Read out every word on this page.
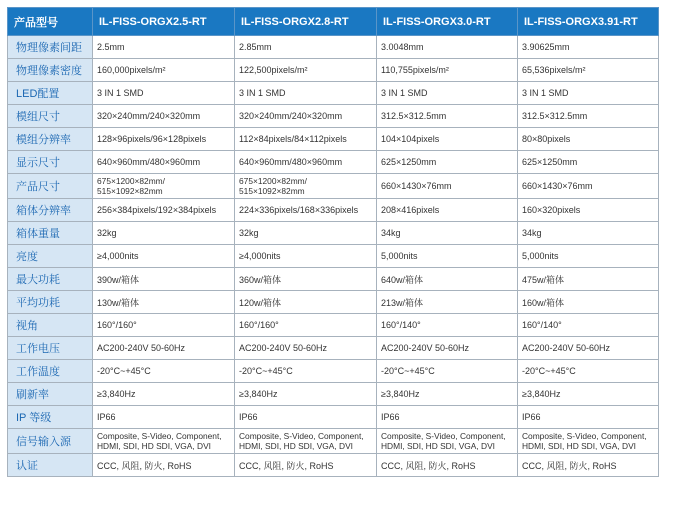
产品型号	IL-FISS-ORGX2.5-RT	IL-FISS-ORGX2.8-RT	IL-FISS-ORGX3.0-RT	IL-FISS-ORGX3.91-RT
物理像素间距	2.5mm	2.85mm	3.0048mm	3.90625mm

物理像素密度	160,000pixels/m²	122,500pixels/m²	110,755pixels/m²	65,536pixels/m²

LED配置	3 IN 1 SMD	3 IN 1 SMD	3 IN 1 SMD	3 IN 1 SMD

模组尺寸	320×240mm/240×320mm	320×240mm/240×320mm	312.5×312.5mm	312.5×312.5mm

模组分辨率	128×96pixels/96×128pixels	112×84pixels/84×112pixels	104×104pixels	80×80pixels

显示尺寸	640×960mm/480×960mm	640×960mm/480×960mm	625×1250mm	625×1250mm

产品尺寸	675×1200×82mm/
515×1092×82mm	675×1200×82mm/
515×1092×82mm	660×1430×76mm	660×1430×76mm

箱体分辨率	256×384pixels/192×384pixels	224×336pixels/168×336pixels	208×416pixels	160×320pixels

箱体重量	32kg	32kg	34kg	34kg

亮度	≥4,000nits	≥4,000nits	5,000nits	5,000nits

最大功耗	390w/箱体	360w/箱体	640w/箱体	475w/箱体

平均功耗	130w/箱体	120w/箱体	213w/箱体	160w/箱体

视角	160°/160°	160°/160°	160°/140°	160°/140°

工作电压	AC200-240V 50-60Hz	AC200-240V 50-60Hz	AC200-240V 50-60Hz	AC200-240V 50-60Hz

工作温度	-20°C~+45°C	-20°C~+45°C	-20°C~+45°C	-20°C~+45°C

刷新率	≥3,840Hz	≥3,840Hz	≥3,840Hz	≥3,840Hz

IP 等级	IP66	IP66	IP66	IP66

信号输入源	Composite, S-Video, Component,
HDMI, SDI, HD SDI, VGA, DVI	Composite, S-Video, Component,
HDMI, SDI, HD SDI, VGA, DVI	Composite, S-Video, Component,
HDMI, SDI, HD SDI, VGA, DVI	Composite, S-Video, Component,
HDMI, SDI, HD SDI, VGA, DVI

认证	CCC, 风阻, 防火, RoHS	CCC, 风阻, 防火, RoHS	CCC, 风阻, 防火, RoHS	CCC, 风阻, 防火, RoHS
